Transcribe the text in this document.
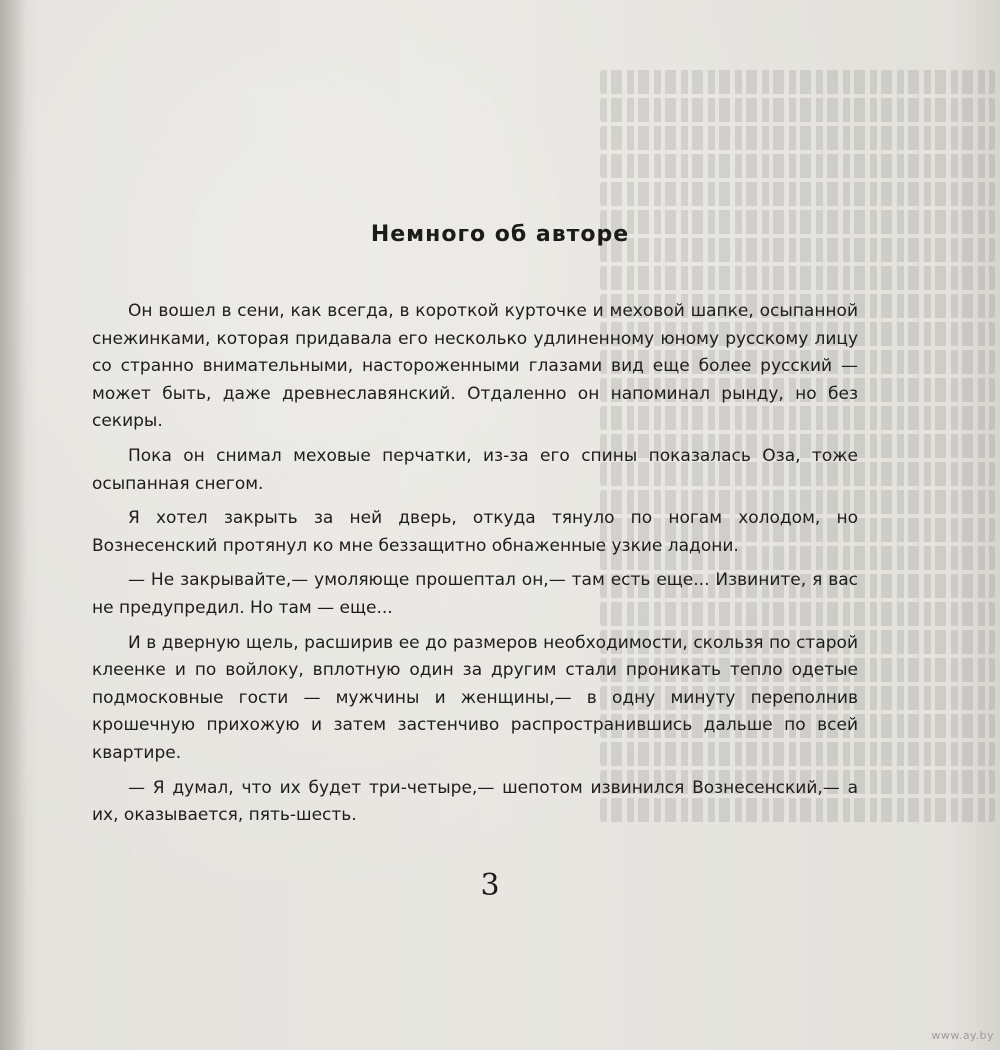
Немного об авторе

Он вошел в сени, как всегда, в короткой курточке и меховой шапке, осыпанной снежинками, которая придавала его несколько удлиненному юному русскому лицу со странно внимательными, настороженными глазами вид еще более русский — может быть, даже древнеславянский. Отдаленно он напоминал рынду, но без секиры.

Пока он снимал меховые перчатки, из-за его спины показалась Оза, тоже осыпанная снегом.

Я хотел закрыть за ней дверь, откуда тянуло по ногам холодом, но Вознесенский протянул ко мне беззащитно обнаженные узкие ладони.

— Не закрывайте,— умоляюще прошептал он,— там есть еще... Извините, я вас не предупредил. Но там — еще...

И в дверную щель, расширив ее до размеров необходимости, скользя по старой клеенке и по войлоку, вплотную один за другим стали проникать тепло одетые подмосковные гости — мужчины и женщины,— в одну минуту переполнив крошечную прихожую и затем застенчиво распространившись дальше по всей квартире.

— Я думал, что их будет три-четыре,— шепотом извинился Вознесенский,— а их, оказывается, пять-шесть.

3
www.ay.by
